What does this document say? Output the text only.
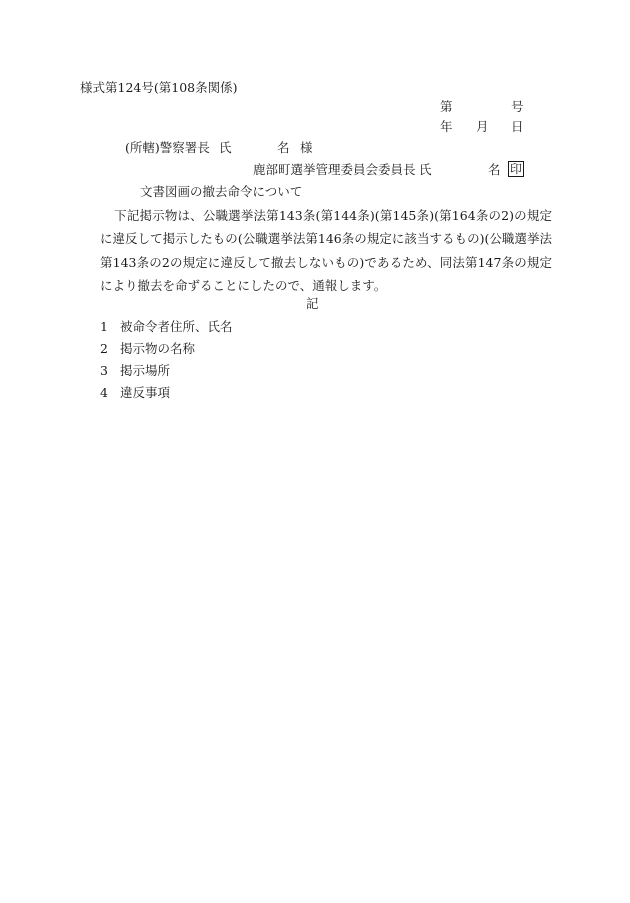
様式第124号(第108条関係)
第	号
年 月 日
(所轄)警察署長 氏	名 様
鹿部町選挙管理委員会委員長 氏	名 印
文書図画の撤去命令について
下記掲示物は、公職選挙法第143条(第144条)(第145条)(第164条の2)の規定に違反して掲示したもの(公職選挙法第146条の規定に該当するもの)(公職選挙法第143条の2の規定に違反して撤去しないもの)であるため、同法第147条の規定により撤去を命ずることにしたので、通報します。
記
1 被命令者住所、氏名
2 掲示物の名称
3 掲示場所
4 違反事項
